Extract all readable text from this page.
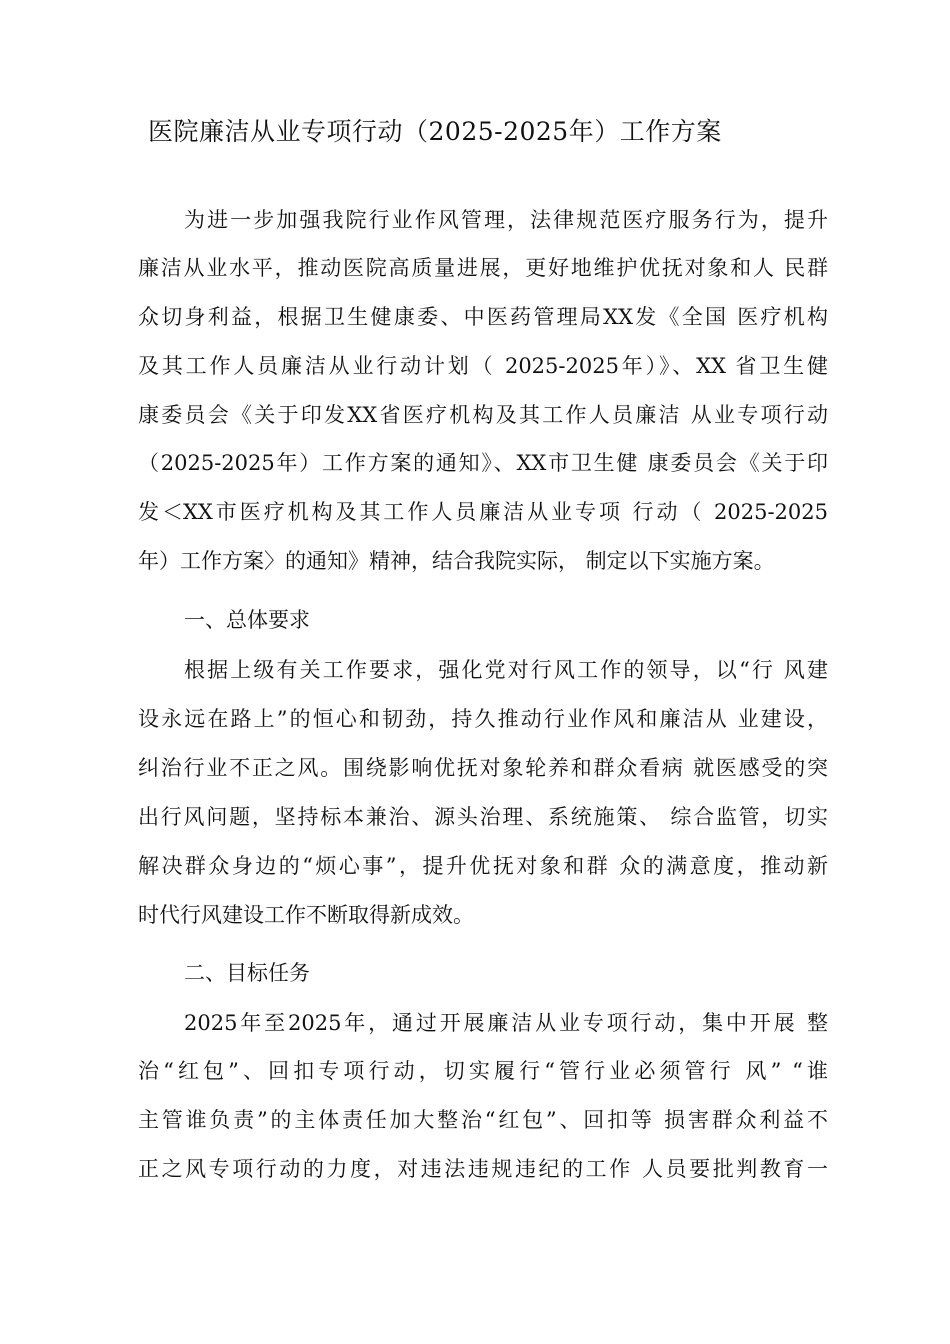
医院廉洁从业专项行动（2025-2025年）工作方案

为进一步加强我院行业作风管理，法律规范医疗服务行为，提升

廉洁从业水平，推动医院高质量进展，更好地维护优抚对象和人 民群

众切身利益，根据卫生健康委、中医药管理局XX发《全国 医疗机构

及其工作人员廉洁从业行动计划（ 2025-2025年）》、XX 省卫生健

康委员会《关于印发XX省医疗机构及其工作人员廉洁 从业专项行动

（2025-2025年）工作方案的通知》、XX市卫生健 康委员会《关于印

发＜XX市医疗机构及其工作人员廉洁从业专项 行动（ 2025-2025

年）工作方案〉的通知》精神，结合我院实际， 制定以下实施方案。

一、总体要求

根据上级有关工作要求，强化党对行风工作的领导，以“行 风建

设永远在路上”的恒心和韧劲，持久推动行业作风和廉洁从 业建设，

纠治行业不正之风。围绕影响优抚对象轮养和群众看病 就医感受的突

出行风问题，坚持标本兼治、源头治理、系统施策、 综合监管，切实

解决群众身边的“烦心事”，提升优抚对象和群 众的满意度，推动新

时代行风建设工作不断取得新成效。

二、目标任务

2025年至2025年，通过开展廉洁从业专项行动，集中开展 整

治“红包”、回扣专项行动，切实履行“管行业必须管行 风” “谁

主管谁负责”的主体责任加大整治“红包”、回扣等 损害群众利益不

正之风专项行动的力度，对违法违规违纪的工作 人员要批判教育一
